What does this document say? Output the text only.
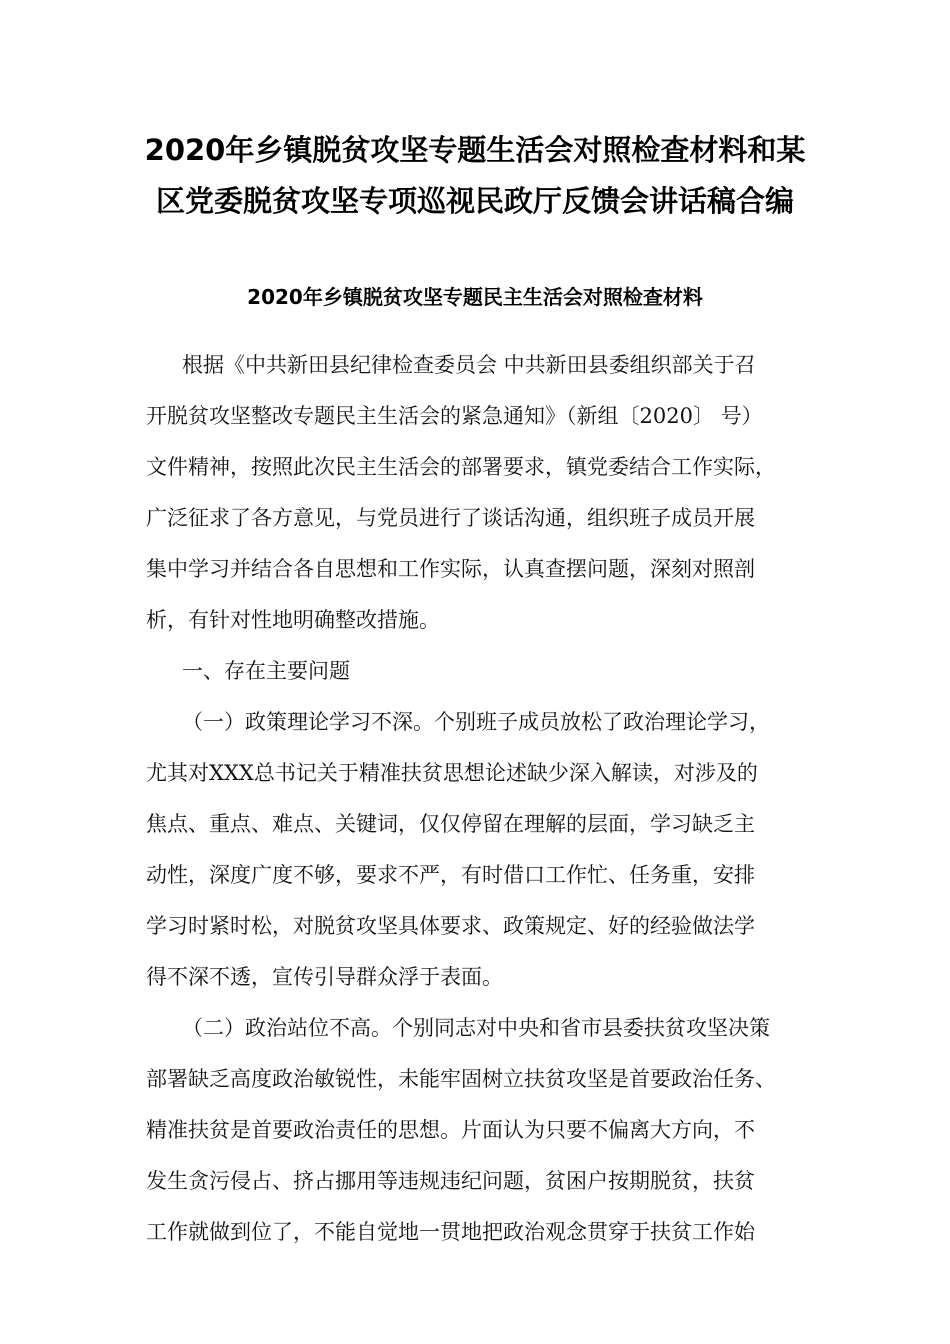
2020年乡镇脱贫攻坚专题生活会对照检查材料和某
区党委脱贫攻坚专项巡视民政厅反馈会讲话稿合编
2020年乡镇脱贫攻坚专题民主生活会对照检查材料

根据《中共新田县纪律检查委员会 中共新田县委组织部关于召
开脱贫攻坚整改专题民主生活会的紧急通知》（新组〔2020〕 号）
文件精神，按照此次民主生活会的部署要求，镇党委结合工作实际，
广泛征求了各方意见，与党员进行了谈话沟通，组织班子成员开展
集中学习并结合各自思想和工作实际，认真查摆问题，深刻对照剖
析，有针对性地明确整改措施。

一、存在主要问题

（一）政策理论学习不深。个别班子成员放松了政治理论学习，
尤其对XXX总书记关于精准扶贫思想论述缺少深入解读，对涉及的
焦点、重点、难点、关键词，仅仅停留在理解的层面，学习缺乏主
动性，深度广度不够，要求不严，有时借口工作忙、任务重，安排
学习时紧时松，对脱贫攻坚具体要求、政策规定、好的经验做法学
得不深不透，宣传引导群众浮于表面。

（二）政治站位不高。个别同志对中央和省市县委扶贫攻坚决策
部署缺乏高度政治敏锐性，未能牢固树立扶贫攻坚是首要政治任务、
精准扶贫是首要政治责任的思想。片面认为只要不偏离大方向，不
发生贪污侵占、挤占挪用等违规违纪问题，贫困户按期脱贫，扶贫
工作就做到位了，不能自觉地一贯地把政治观念贯穿于扶贫工作始
